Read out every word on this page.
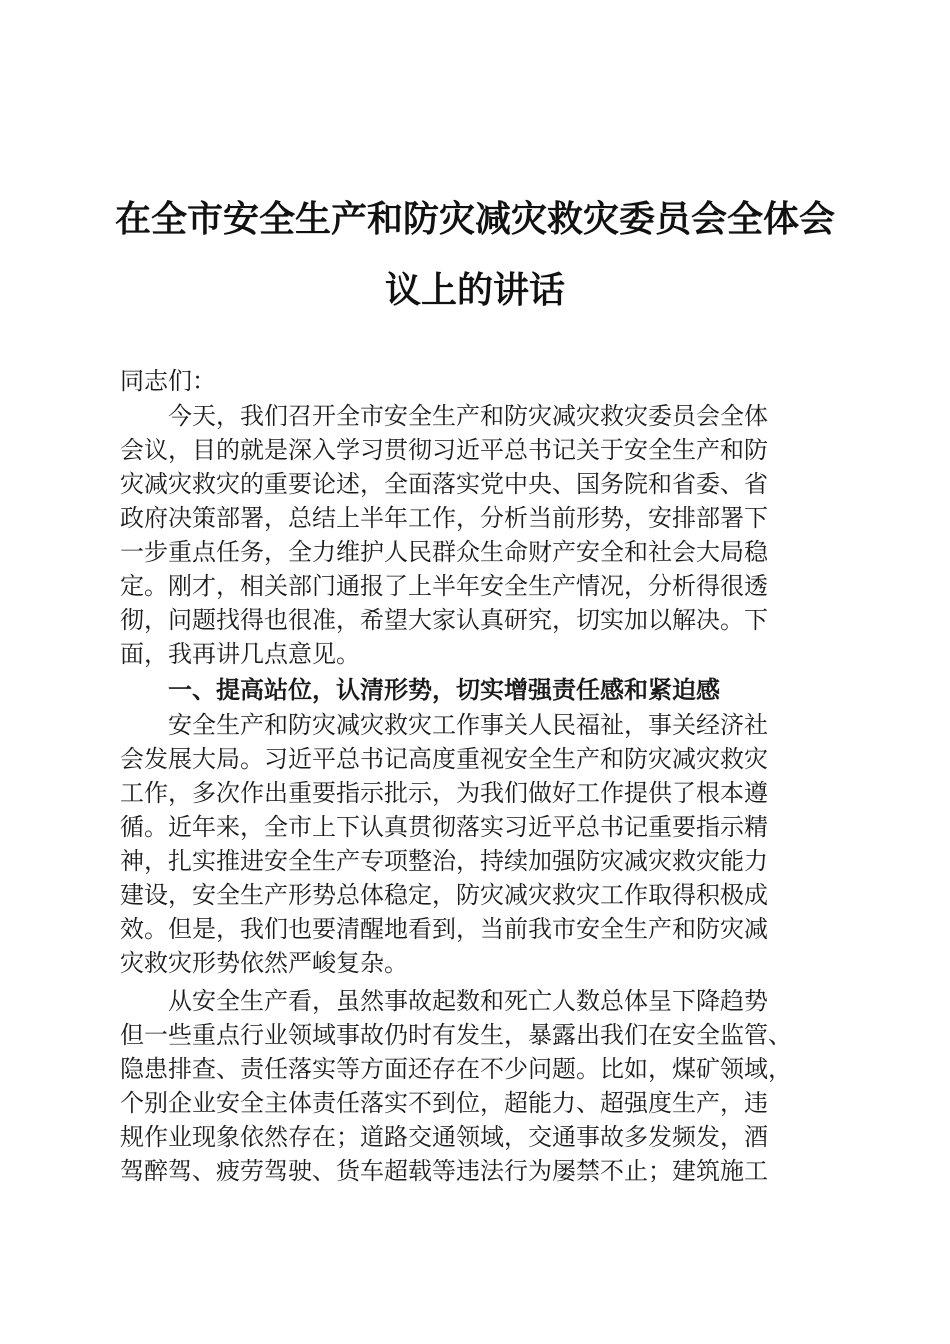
在全市安全生产和防灾减灾救灾委员会全体会
议上的讲话
同志们：
今天，我们召开全市安全生产和防灾减灾救灾委员会全体
会议，目的就是深入学习贯彻习近平总书记关于安全生产和防
灾减灾救灾的重要论述，全面落实党中央、国务院和省委、省
政府决策部署，总结上半年工作，分析当前形势，安排部署下
一步重点任务，全力维护人民群众生命财产安全和社会大局稳
定。刚才，相关部门通报了上半年安全生产情况，分析得很透
彻，问题找得也很准，希望大家认真研究，切实加以解决。下
面，我再讲几点意见。
一、提高站位，认清形势，切实增强责任感和紧迫感
安全生产和防灾减灾救灾工作事关人民福祉，事关经济社
会发展大局。习近平总书记高度重视安全生产和防灾减灾救灾
工作，多次作出重要指示批示，为我们做好工作提供了根本遵
循。近年来，全市上下认真贯彻落实习近平总书记重要指示精
神，扎实推进安全生产专项整治，持续加强防灾减灾救灾能力
建设，安全生产形势总体稳定，防灾减灾救灾工作取得积极成
效。但是，我们也要清醒地看到，当前我市安全生产和防灾减
灾救灾形势依然严峻复杂。
从安全生产看，虽然事故起数和死亡人数总体呈下降趋势
但一些重点行业领域事故仍时有发生，暴露出我们在安全监管、
隐患排查、责任落实等方面还存在不少问题。比如，煤矿领域，
个别企业安全主体责任落实不到位，超能力、超强度生产，违
规作业现象依然存在；道路交通领域，交通事故多发频发，酒
驾醉驾、疲劳驾驶、货车超载等违法行为屡禁不止；建筑施工
